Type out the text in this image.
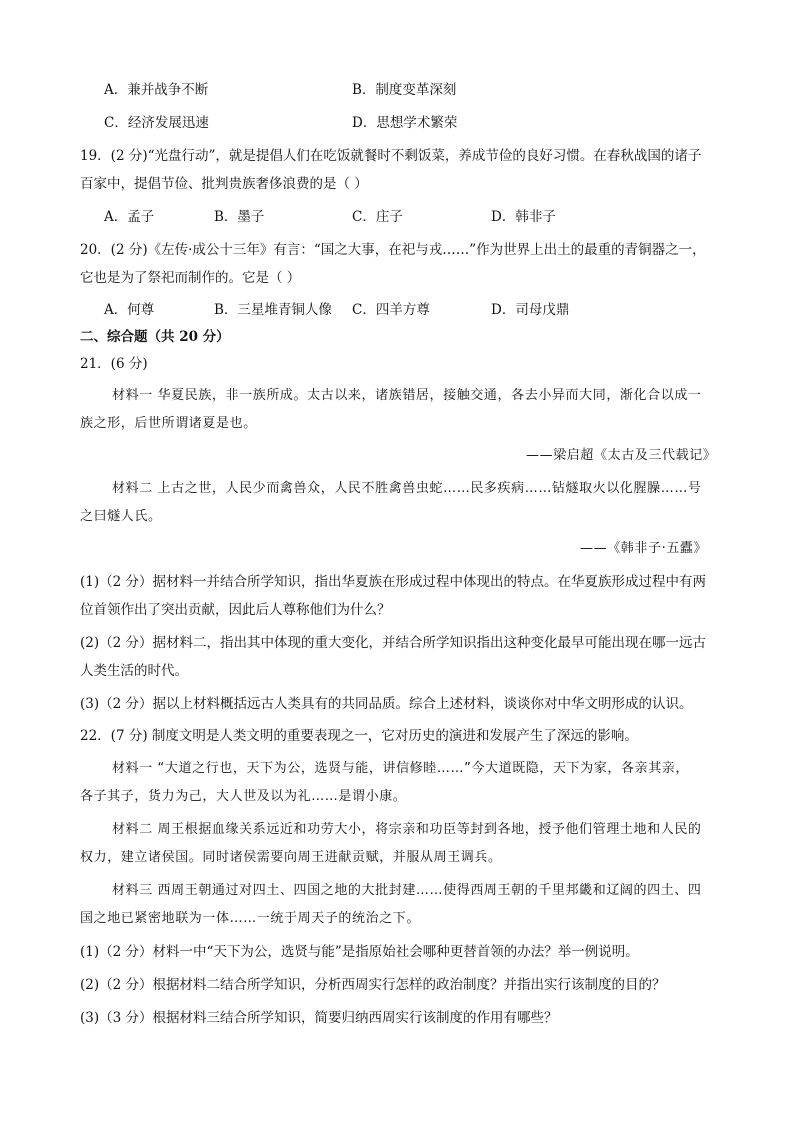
A．兼并战争不断	B．制度变革深刻
C．经济发展迅速	D．思想学术繁荣
19．(2 分)“光盘行动”，就是提倡人们在吃饭就餐时不剩饭菜，养成节俭的良好习惯。在春秋战国的诸子
百家中，提倡节俭、批判贵族奢侈浪费的是（ ）
A．孟子	B．墨子	C．庄子	D．韩非子
20．(2 分)《左传·成公十三年》有言：“国之大事，在祀与戎……”作为世界上出土的最重的青铜器之一，
它也是为了祭祀而制作的。它是（ ）
A．何尊	B．三星堆青铜人像 C．四羊方尊	D．司母戊鼎
二、综合题（共 20 分）
21．(6 分)
材料一 华夏民族，非一族所成。太古以来，诸族错居，接触交通，各去小异而大同，渐化合以成一
族之形，后世所谓诸夏是也。
——梁启超《太古及三代载记》
材料二 上古之世，人民少而禽兽众，人民不胜禽兽虫蛇……民多疾病……钻燧取火以化腥臊……号
之曰燧人氏。
——《韩非子·五蠹》
(1)（2 分）据材料一并结合所学知识，指出华夏族在形成过程中体现出的特点。在华夏族形成过程中有两
位首领作出了突出贡献，因此后人尊称他们为什么？
(2)（2 分）据材料二，指出其中体现的重大变化，并结合所学知识指出这种变化最早可能出现在哪一远古
人类生活的时代。
(3)（2 分）据以上材料概括远古人类具有的共同品质。综合上述材料，谈谈你对中华文明形成的认识。
22．(7 分) 制度文明是人类文明的重要表现之一，它对历史的演进和发展产生了深远的影响。
材料一 “大道之行也，天下为公，选贤与能，讲信修睦……”今大道既隐，天下为家，各亲其亲，
各子其子，货力为己，大人世及以为礼……是谓小康。
材料二 周王根据血缘关系远近和功劳大小，将宗亲和功臣等封到各地，授予他们管理土地和人民的
权力，建立诸侯国。同时诸侯需要向周王进献贡赋，并服从周王调兵。
材料三 西周王朝通过对四土、四国之地的大批封建……使得西周王朝的千里邦畿和辽阔的四土、四
国之地已紧密地联为一体……一统于周天子的统治之下。
(1)（2 分）材料一中“天下为公，选贤与能”是指原始社会哪种更替首领的办法？举一例说明。
(2)（2 分）根据材料二结合所学知识，分析西周实行怎样的政治制度？并指出实行该制度的目的？
(3)（3 分）根据材料三结合所学知识，简要归纳西周实行该制度的作用有哪些？
